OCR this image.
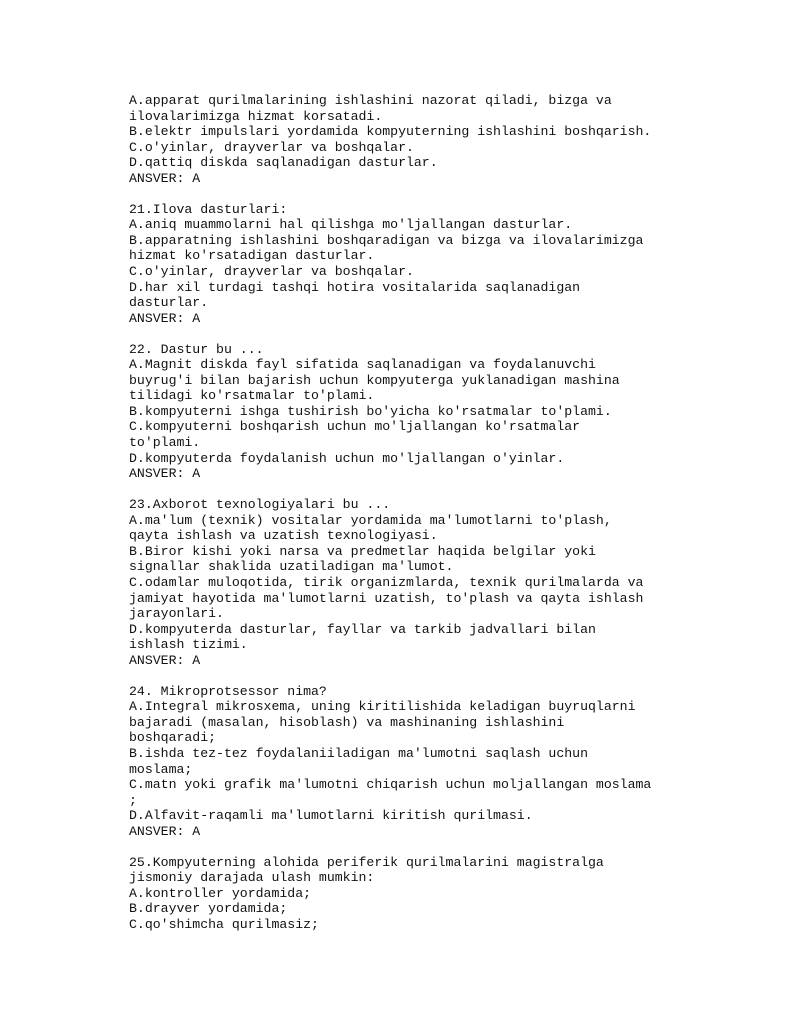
A.apparat qurilmalarining ishlashini nazorat qiladi, bizga va
ilovalarimizga hizmat korsatadi.
B.elektr impulslari yordamida kompyuterning ishlashini boshqarish.
C.o'yinlar, drayverlar va boshqalar.
D.qattiq diskda saqlanadigan dasturlar.
ANSVER: A
21.Ilova dasturlari:
A.aniq muammolarni hal qilishga mo'ljallangan dasturlar.
B.apparatning ishlashini boshqaradigan va bizga va ilovalarimizga
hizmat ko'rsatadigan dasturlar.
C.o'yinlar, drayverlar va boshqalar.
D.har xil turdagi tashqi hotira vositalarida saqlanadigan
dasturlar.
ANSVER: A
22. Dastur bu ...
A.Magnit diskda fayl sifatida saqlanadigan va foydalanuvchi
buyrug'i bilan bajarish uchun kompyuterga yuklanadigan mashina
tilidagi ko'rsatmalar to'plami.
B.kompyuterni ishga tushirish bo'yicha ko'rsatmalar to'plami.
C.kompyuterni boshqarish uchun mo'ljallangan ko'rsatmalar
to'plami.
D.kompyuterda foydalanish uchun mo'ljallangan o'yinlar.
ANSVER: A
23.Axborot texnologiyalari bu ...
A.ma'lum (texnik) vositalar yordamida ma'lumotlarni to'plash,
qayta ishlash va uzatish texnologiyasi.
B.Biror kishi yoki narsa va predmetlar haqida belgilar yoki
signallar shaklida uzatiladigan ma'lumot.
C.odamlar muloqotida, tirik organizmlarda, texnik qurilmalarda va
jamiyat hayotida ma'lumotlarni uzatish, to'plash va qayta ishlash
jarayonlari.
D.kompyuterda dasturlar, fayllar va tarkib jadvallari bilan
ishlash tizimi.
ANSVER: A
24. Mikroprotsessor nima?
A.Integral mikrosxema, uning kiritilishida keladigan buyruqlarni
bajaradi (masalan, hisoblash) va mashinaning ishlashini
boshqaradi;
B.ishda tez-tez foydalaniiladigan ma'lumotni saqlash uchun
moslama;
C.matn yoki grafik ma'lumotni chiqarish uchun moljallangan moslama
;
D.Alfavit-raqamli ma'lumotlarni kiritish qurilmasi.
ANSVER: A
25.Kompyuterning alohida periferik qurilmalarini magistralga
jismoniy darajada ulash mumkin:
A.kontroller yordamida;
B.drayver yordamida;
C.qo'shimcha qurilmasiz;
